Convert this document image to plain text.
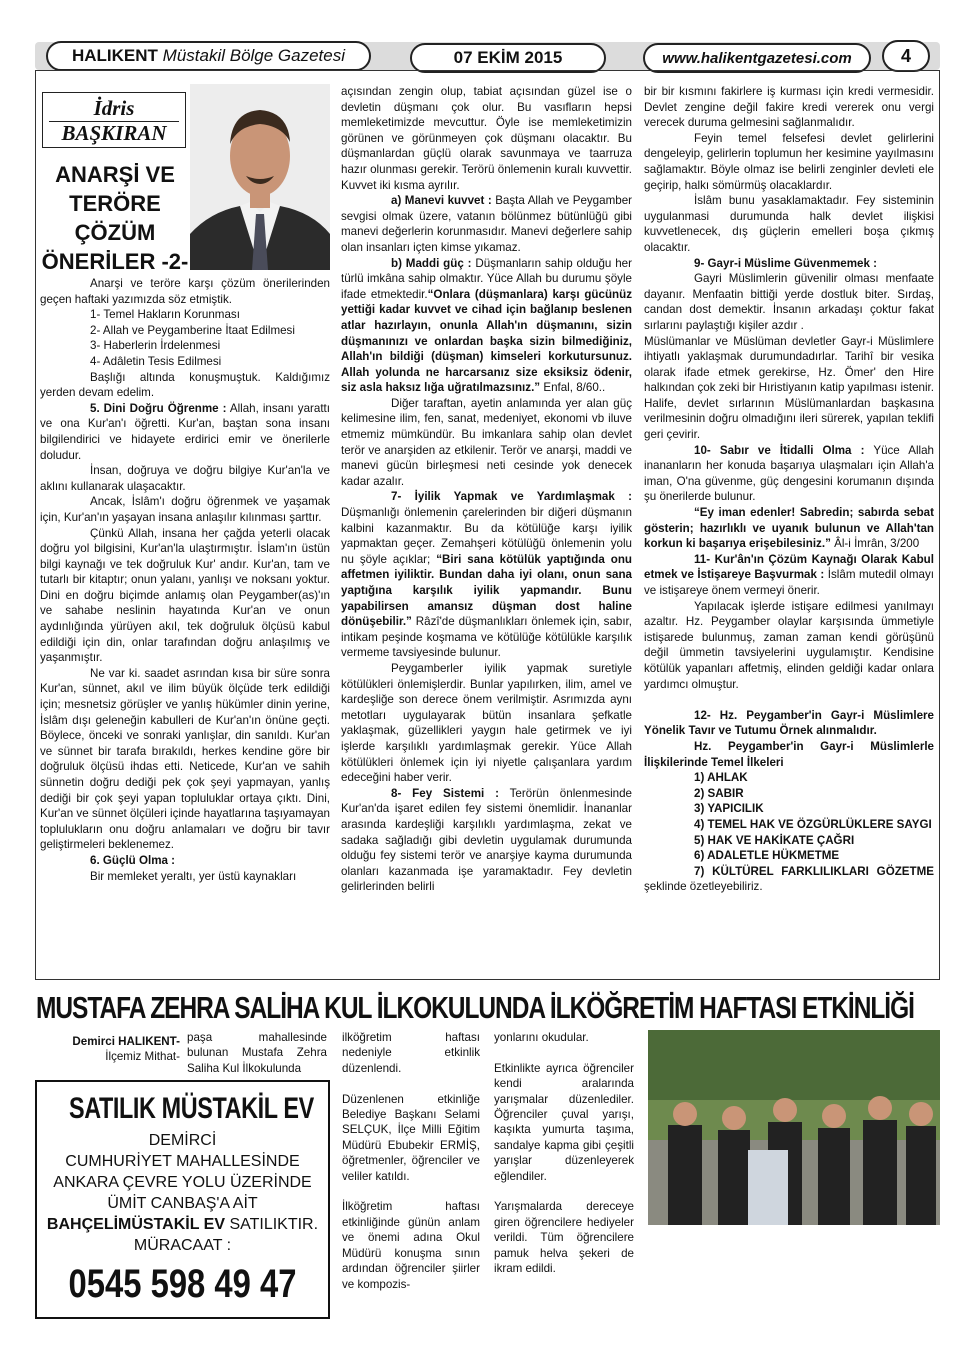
HALIKENT
Müstakil Bölge Gazetesi	07 EKİM 2015	www.halikentgazetesi.com	4
İdris
BAŞKIRAN
ANARŞİ VE
TERÖRE
ÇÖZÜM
ÖNERİLER -2-

Anarşi ve teröre karşı çözüm önerilerinden geçen haftaki yazımızda söz etmiştik.

1- Temel Hakların Korunması

2- Allah ve Peygamberine İtaat Edilmesi

3- Haberlerin İrdelenmesi

4- Adâletin Tesis Edilmesi

Başlığı altında konuşmuştuk. Kaldığımız yerden devam edelim.

5. Dini Doğru Öğrenme : Allah, insanı yarattı ve ona Kur'an'ı öğretti. Kur'an, baştan sona insanı bilgilendirici ve hidayete erdirici emir ve önerilerle doludur.

İnsan, doğruya ve doğru bilgiye Kur'an'la ve aklını kullanarak ulaşacaktır.

Ancak, İslâm'ı doğru öğrenmek ve yaşamak için, Kur'an'ın yaşayan insana anlaşılır kılınması şarttır.

Çünkü Allah, insana her çağda yeterli olacak doğru yol bilgisini, Kur'an'la ulaştırmıştır. İslam'ın üstün bilgi kaynağı ve tek doğruluk Kur' andır. Kur'an, tam ve tutarlı bir kitaptır; onun yalanı, yanlışı ve noksanı yoktur. Dini en doğru biçimde anlamış olan Peygamber(as)'ın ve sahabe neslinin hayatında Kur'an ve onun aydınlığında yürüyen akıl, tek doğruluk ölçüsü kabul edildiği için din, onlar tarafından doğru anlaşılmış ve yaşanmıştır.

Ne var ki. saadet asrından kısa bir süre sonra Kur'an, sünnet, akıl ve ilim büyük ölçüde terk edildiği için; mesnetsiz görüşler ve yanlış hükümler dinin yerine, İslâm dışı geleneğin kabulleri de Kur'an'ın önüne geçti. Böylece, önceki ve sonraki yanlışlar, din sanıldı. Kur'an ve sünnet bir tarafa bırakıldı, herkes kendine göre bir doğruluk ölçüsü ihdas etti. Neticede, Kur'an ve sahih sünnetin doğru dediği pek çok şeyi yapmayan, yanlış dediği bir çok şeyi yapan topluluklar ortaya çıktı. Dini, Kur'an ve sünnet ölçüleri içinde hayatlarına taşıyamayan toplulukların onu doğru anlamaları ve doğru bir tavır geliştirmeleri beklenemez.

6. Güçlü Olma :

Bir memleket yeraltı, yer üstü kaynakları

açısından zengin olup, tabiat açısından güzel ise o devletin düşmanı çok olur. Bu vasıfların hepsi memleketimizde mevcuttur. Öyle ise memleketimizin görünen ve görünmeyen çok düşmanı olacaktır. Bu düşmanlardan güçlü olarak savunmaya ve taarruza hazır olunması gerekir. Terörü önlemenin kuralı kuvvettir. Kuvvet iki kısma ayrılır.

a) Manevi kuvvet : Başta Allah ve Peygamber sevgisi olmak üzere, vatanın bölünmez bütünlüğü gibi manevi değerlerin korunmasıdır. Manevi değerlere sahip olan insanları içten kimse yıkamaz.

b) Maddi güç : Düşmanların sahip olduğu her türlü imkâna sahip olmaktır. Yüce Allah bu durumu şöyle ifade etmektedir.“Onlara (düşmanlara) karşı gücünüz yettiği kadar kuvvet ve cihad için bağlanıp beslenen atlar hazırlayın, onunla Allah'ın düşmanını, sizin düşmanınızı ve onlardan başka sizin bilmediğiniz, Allah'ın bildiği (düşman) kimseleri korkutursunuz. Allah yolunda ne harcarsanız size eksiksiz ödenir, siz asla haksız lığa uğratılmazsınız.” Enfal, 8/60..

Diğer taraftan, ayetin anlamında yer alan güç kelimesine ilim, fen, sanat, medeniyet, ekonomi vb iluve etmemiz mümkündür. Bu imkanlara sahip olan devlet terör ve anarşiden az etkilenir. Terör ve anarşi, maddi ve manevi gücün birleşmesi neti cesinde yok denecek kadar azalır.

7- İyilik Yapmak ve Yardımlaşmak : Düşmanlığı önlemenin çarelerinden bir diğeri düşmanın kalbini kazanmaktır. Bu da kötülüğe karşı iyilik yapmaktan geçer. Zemahşeri kötülüğü önlemenin yolu nu şöyle açıklar; “Biri sana kötülük yaptığında onu affetmen iyiliktir. Bundan daha iyi olanı, onun sana yaptığına karşılık iyilik yapmandır. Bunu yapabilirsen amansız düşman dost haline dönüşebilir.” Râzî'de düşmanlıkları önlemek için, sabır, intikam peşinde koşmama ve kötülüğe kötülükle karşılık vermeme tavsiyesinde bulunur.

Peygamberler iyilik yapmak suretiyle kötülükleri önlemişlerdir. Bunlar yapılırken, ilim, amel ve kardeşliğe son derece önem verilmiştir. Asrımızda aynı metotları uygulayarak bütün insanlara şefkatle yaklaşmak, güzellikleri yaygın hale getirmek ve iyi işlerde karşılıklı yardımlaşmak gerekir. Yüce Allah kötülükleri önlemek için iyi niyetle çalışanlara yardım edeceğini haber verir.

8- Fey Sistemi : Terörün önlenmesinde Kur'an'da işaret edilen fey sistemi önemlidir. İnananlar arasında kardeşliği karşılıklı yardımlaşma, zekat ve sadaka sağladığı gibi devletin uygulamak durumunda olduğu fey sistemi terör ve anarşiye kayma durumunda olanları kazanmada işe yaramaktadır. Fey devletin gelirlerinden belirli

bir bir kısmını fakirlere iş kurması için kredi vermesidir. Devlet zengine değil fakire kredi vererek onu vergi verecek duruma gelmesini sağlanmalıdır.

Feyin temel felsefesi devlet gelirlerini dengeleyip, gelirlerin toplumun her kesimine yayılmasını sağlamaktır. Böyle olmaz ise belirli zenginler devleti ele geçirip, halkı sömürmüş olacaklardır.

İslâm bunu yasaklamaktadır. Fey sisteminin uygulanmasi durumunda halk devlet ilişkisi kuvvetlenecek, dış güçlerin emelleri boşa çıkmış olacaktır.

9- Gayr-i Müslime Güvenmemek :

Gayri Müslimlerin güvenilir olması menfaate dayanır. Menfaatin bittiği yerde dostluk biter. Sırdaş, candan dost demektir. İnsanın arkadaşı çoktur fakat sırlarını paylaştığı kişiler azdır .

Müslümanlar ve Müslüman devletler Gayr-i Müslimlere ihtiyatlı yaklaşmak durumundadırlar. Tarihî bir vesika olarak ifade etmek gerekirse, Hz. Ömer' den Hire halkından çok zeki bir Hıristiyanın katip yapılması istenir. Halife, devlet sırlarının Müslümanlardan başkasına verilmesinin doğru olmadığını ileri sürerek, yapılan teklifi geri çevirir.

10- Sabır ve İtidalli Olma : Yüce Allah inananların her konuda başarıya ulaşmaları için Allah'a iman, O'na güvenme, güç dengesini korumanın dışında şu önerilerde bulunur.

“Ey iman edenler! Sabredin; sabırda sebat gösterin; hazırlıklı ve uyanık bulunun ve Allah'tan korkun ki başarıya erişebilesiniz.” Âl-i İmrân, 3/200

11- Kur'ân'ın Çözüm Kaynağı Olarak Kabul etmek ve İstişareye Başvurmak : İslâm mutedil olmayı ve istişareye önem vermeyi önerir.

Yapılacak işlerde istişare edilmesi yanılmayı azaltır. Hz. Peygamber olaylar karşısında ümmetiyle istişarede bulunmuş, zaman zaman kendi görüşünü değil ümmetin tavsiyelerini uygulamıştır. Kendisine kötülük yapanları affetmiş, elinden geldiği kadar onlara yardımcı olmuştur.

12- Hz. Peygamber'in Gayr-i Müslimlere Yönelik Tavır ve Tutumu Örnek alınmalıdır.

Hz. Peygamber'in Gayr-i Müslimlerle İlişkilerinde Temel İlkeleri

1) AHLAK

2) SABIR

3) YAPICILIK

4) TEMEL HAK VE ÖZGÜRLÜKLERE SAYGI

5) HAK VE HAKİKATE ÇAĞRI

6) ADALETLE HÜKMETME

7) KÜLTÜREL FARKLILIKLARI GÖZETME şeklinde özetleyebiliriz.

MUSTAFA ZEHRA SALİHA KUL İLKOKULUNDA İLKÖĞRETİM HAFTASI ETKİNLİĞİ
Demirci HALIKENT-
İlçemiz Mithat-
paşa mahallesinde bulunan Mustafa Zehra Saliha Kul İlkokulunda
ilköğretim haftası nedeniyle etkinlik düzenlendi.

Düzenlenen etkinliğe Belediye Başkanı Selami SELÇUK, İlçe Milli Eğitim Müdürü Ebubekir ERMİŞ, öğretmenler, öğrenciler ve veliler katıldı.

İlköğretim haftası etkinliğinde günün anlam ve önemi adına Okul Müdürü konuşma sının ardından öğrenciler şiirler ve kompozis-
yonlarını okudular.

Etkinlikte ayrıca öğrenciler kendi aralarında yarışmalar düzenlediler. Öğrenciler çuval yarışı, kaşıkta yumurta taşıma, sandalye kapma gibi çeşitli yarışlar düzenleyerek eğlendiler.

Yarışmalarda dereceye giren öğrencilere hediyeler verildi. Tüm öğrencilere pamuk helva şekeri de ikram edildi.
SATILIK MÜSTAKİL EV
DEMİRCİ
CUMHURİYET MAHALLESİNDE
ANKARA ÇEVRE YOLU ÜZERİNDE
ÜMİT CANBAŞ'A AİT
BAHÇELİMÜSTAKİL EV SATILIKTIR.
MÜRACAAT :
0545 598 49 47
